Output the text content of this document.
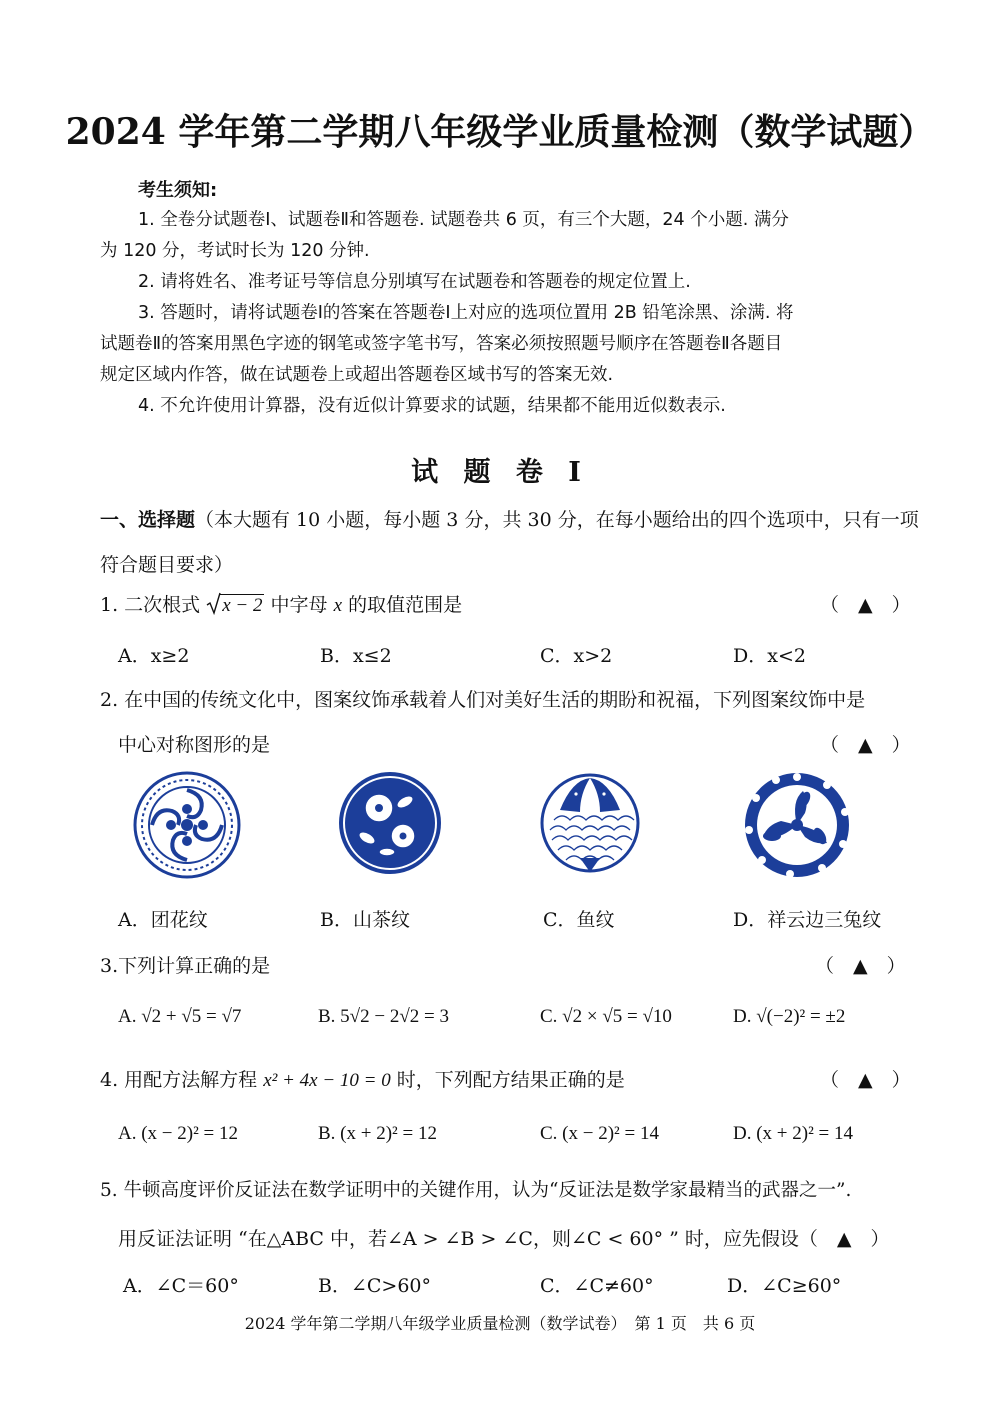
2024 学年第二学期八年级学业质量检测（数学试题）
考生须知:
1. 全卷分试题卷Ⅰ、试题卷Ⅱ和答题卷. 试题卷共 6 页，有三个大题，24 个小题. 满分
为 120 分，考试时长为 120 分钟.
2. 请将姓名、准考证号等信息分别填写在试题卷和答题卷的规定位置上.
3. 答题时，请将试题卷Ⅰ的答案在答题卷Ⅰ上对应的选项位置用 2B 铅笔涂黑、涂满. 将
试题卷Ⅱ的答案用黑色字迹的钢笔或签字笔书写，答案必须按照题号顺序在答题卷Ⅱ各题目
规定区域内作答，做在试题卷上或超出答题卷区域书写的答案无效.
4. 不允许使用计算器，没有近似计算要求的试题，结果都不能用近似数表示.
试 题 卷 Ⅰ
一、选择题（本大题有 10 小题，每小题 3 分，共 30 分，在每小题给出的四个选项中，只有一项
符合题目要求）
1. 二次根式 x − 2 中字母 x 的取值范围是	（　▲　）
A．x≥2	B．x≤2	C．x>2	D．x<2
2. 在中国的传统文化中，图案纹饰承载着人们对美好生活的期盼和祝福，下列图案纹饰中是
中心对称图形的是	（　▲　）
A．团花纹	B．山茶纹	C．鱼纹	D．祥云边三兔纹
3.下列计算正确的是	（　▲　）
A. √2 + √5 = √7	B. 5√2 − 2√2 = 3	C. √2 × √5 = √10	D. √(−2)² = ±2
4. 用配方法解方程 x² + 4x − 10 = 0 时，下列配方结果正确的是	（　▲　）
A. (x − 2)² = 12	B. (x + 2)² = 12	C. (x − 2)² = 14	D. (x + 2)² = 14
5. 牛顿高度评价反证法在数学证明中的关键作用，认为“反证法是数学家最精当的武器之一”.
用反证法证明 “在△ABC 中，若∠A > ∠B > ∠C，则∠C < 60° ” 时，应先假设（　▲　）
A．∠C＝60°	B．∠C>60°	C．∠C≠60°	D．∠C≥60°
2024 学年第二学期八年级学业质量检测（数学试卷）　第 1 页　共 6 页
